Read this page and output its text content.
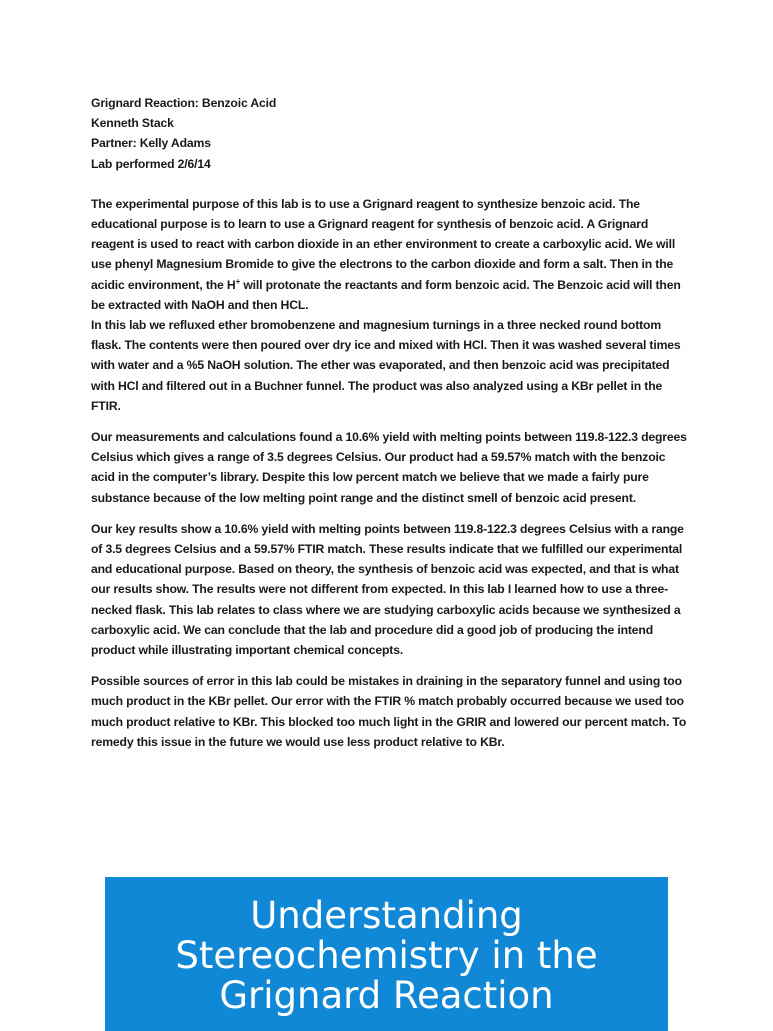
Grignard Reaction: Benzoic Acid
Kenneth Stack
Partner: Kelly Adams
Lab performed 2/6/14

The experimental purpose of this lab is to use a Grignard reagent to synthesize benzoic acid. The educational purpose is to learn to use a Grignard reagent for synthesis of benzoic acid. A Grignard reagent is used to react with carbon dioxide in an ether environment to create a carboxylic acid. We will use phenyl Magnesium Bromide to give the electrons to the carbon dioxide and form a salt. Then in the acidic environment, the H+ will protonate the reactants and form benzoic acid. The Benzoic acid will then be extracted with NaOH and then HCL.

In this lab we refluxed ether bromobenzene and magnesium turnings in a three necked round bottom flask. The contents were then poured over dry ice and mixed with HCl. Then it was washed several times with water and a %5 NaOH solution. The ether was evaporated, and then benzoic acid was precipitated with HCl and filtered out in a Buchner funnel. The product was also analyzed using a KBr pellet in the FTIR.

Our measurements and calculations found a 10.6% yield with melting points between 119.8-122.3 degrees Celsius which gives a range of 3.5 degrees Celsius. Our product had a 59.57% match with the benzoic acid in the computer’s library. Despite this low percent match we believe that we made a fairly pure substance because of the low melting point range and the distinct smell of benzoic acid present.

Our key results show a 10.6% yield with melting points between 119.8-122.3 degrees Celsius with a range of 3.5 degrees Celsius and a 59.57% FTIR match. These results indicate that we fulfilled our experimental and educational purpose. Based on theory, the synthesis of benzoic acid was expected, and that is what our results show. The results were not different from expected. In this lab I learned how to use a three-necked flask. This lab relates to class where we are studying carboxylic acids because we synthesized a carboxylic acid. We can conclude that the lab and procedure did a good job of producing the intend product while illustrating important chemical concepts.

Possible sources of error in this lab could be mistakes in draining in the separatory funnel and using too much product in the KBr pellet. Our error with the FTIR % match probably occurred because we used too much product relative to KBr. This blocked too much light in the GRIR and lowered our percent match. To remedy this issue in the future we would use less product relative to KBr.

Understanding Stereochemistry in the Grignard Reaction
